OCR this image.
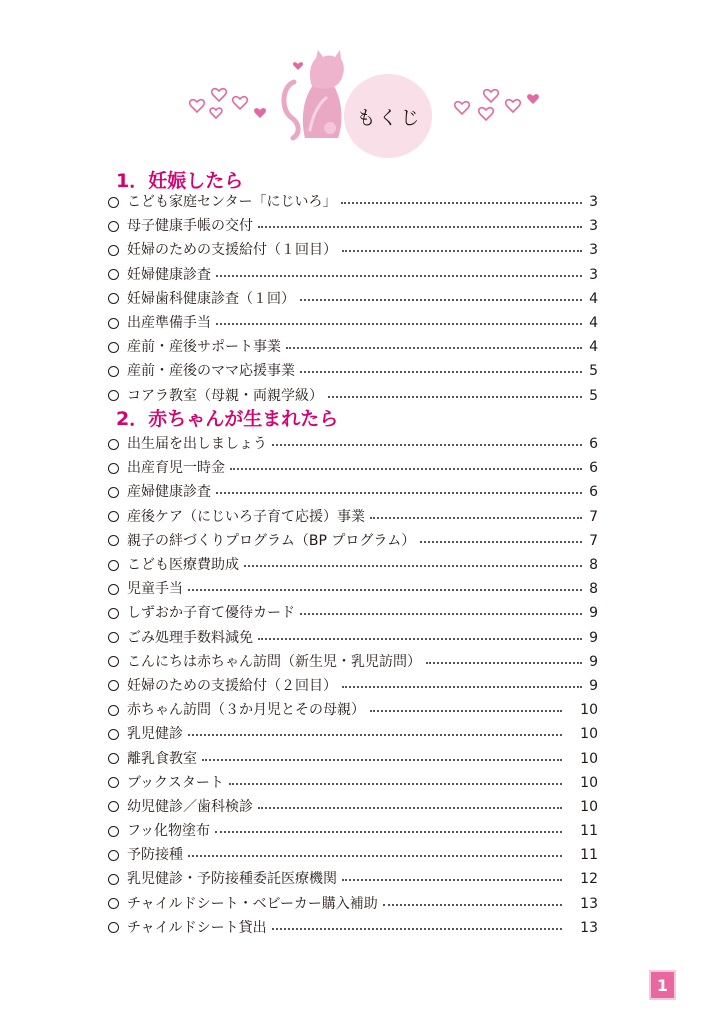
もくじ
1．妊娠したら
こども家庭センター「にじいろ」	3
母子健康手帳の交付	3
妊婦のための支援給付（１回目）	3
妊婦健康診査	3
妊婦歯科健康診査（１回）	4
出産準備手当	4
産前・産後サポート事業	4
産前・産後のママ応援事業	5
コアラ教室（母親・両親学級）	5
2．赤ちゃんが生まれたら
出生届を出しましょう	6
出産育児一時金	6
産婦健康診査	6
産後ケア（にじいろ子育て応援）事業	7
親子の絆づくりプログラム（BP プログラム）	7
こども医療費助成	8
児童手当	8
しずおか子育て優待カード	9
ごみ処理手数料減免	9
こんにちは赤ちゃん訪問（新生児・乳児訪問）	9
妊婦のための支援給付（２回目）	9
赤ちゃん訪問（３か月児とその母親）	10
乳児健診	10
離乳食教室	10
ブックスタート	10
幼児健診／歯科検診	10
フッ化物塗布	11
予防接種	11
乳児健診・予防接種委託医療機関	12
チャイルドシート・ベビーカー購入補助	13
チャイルドシート貸出	13
1
